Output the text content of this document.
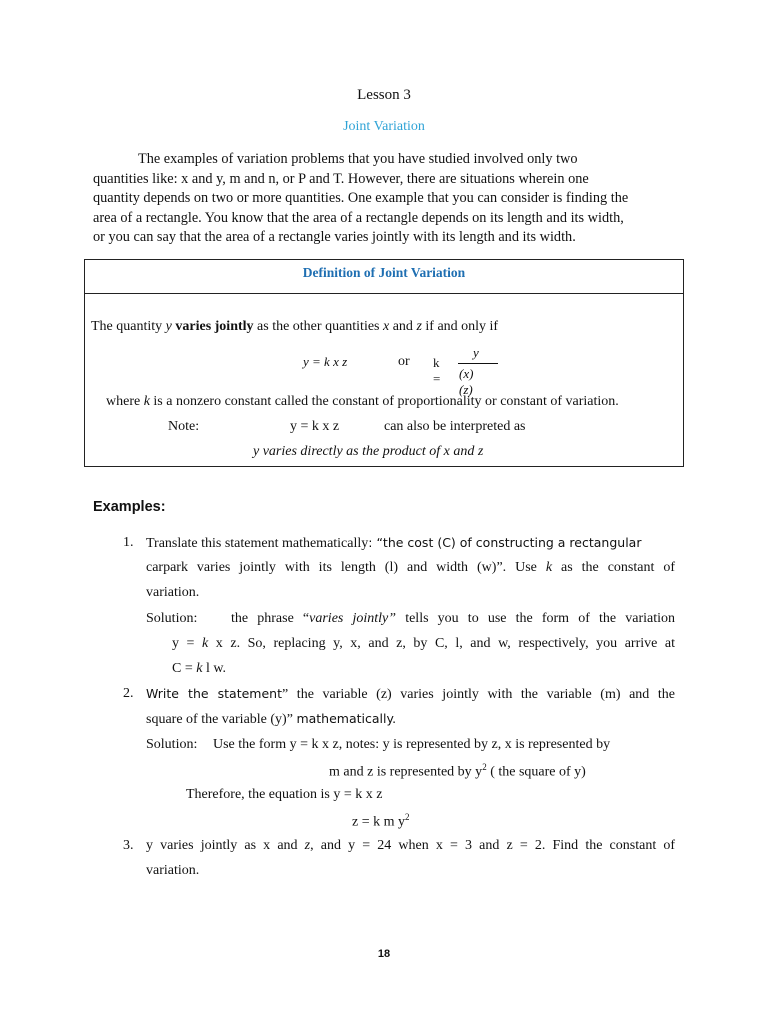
Lesson 3
Joint Variation
The examples of variation problems that you have studied involved only two
quantities like: x and y, m and n, or P and T. However, there are situations wherein one
quantity depends on two or more quantities. One example that you can consider is finding the
area of a rectangle. You know that the area of a rectangle depends on its length and its width,
or you can say that the area of a rectangle varies jointly with its length and its width.
Definition of Joint Variation
The quantity y varies jointly as the other quantities x and z if and only if
y = k x z	or k =
y
(x)(z)
where k is a nonzero constant called the constant of proportionality or constant of variation.
Note:	y = k x z	can also be interpreted as
y varies directly as the product of x and z
Examples:
1. Translate this statement mathematically: “the cost (C) of constructing a rectangular
carpark varies jointly with its length (l) and width (w)”. Use k as the constant of
variation.
Solution: the phrase “varies jointly” tells you to use the form of the variation
y = k x z. So, replacing y, x, and z, by C, l, and w, respectively, you arrive at
C = k l w.
2. Write the statement” the variable (z) varies jointly with the variable (m) and the
square of the variable (y)” mathematically.
Solution: Use the form y = k x z, notes: y is represented by z, x is represented by
m and z is represented by $y^2$ ( the square of y)
Therefore, the equation is y = k x z
z = k m $y^2$
3. y varies jointly as x and z, and y = 24 when x = 3 and z = 2. Find the constant of
variation.
18
